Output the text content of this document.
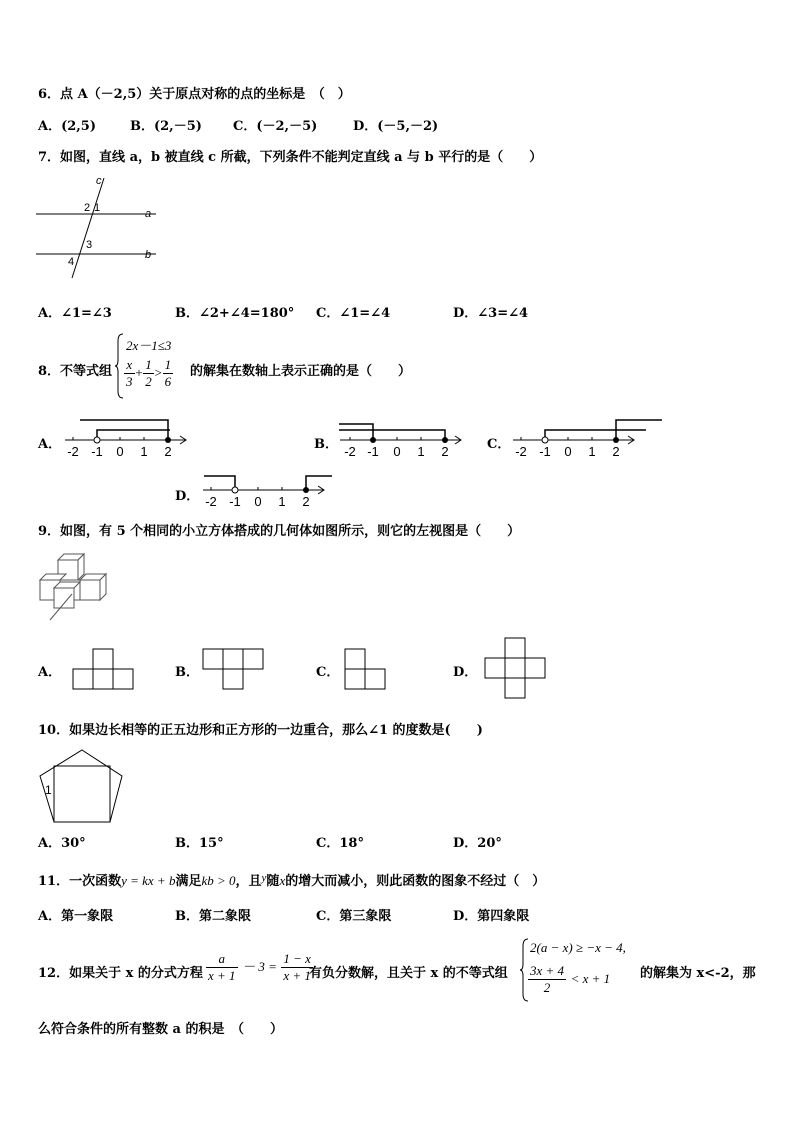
6．点 A（－2,5）关于原点对称的点的坐标是　（　）
A．(2,5)	B．(2,－5) C．(－2,－5)	D．(－5,－2)
7．如图，直线 a，b 被直线 c 所截，下列条件不能判定直线 a 与 b 平行的是（　　）
c
2 1	a
3
4
b
A．∠1=∠3	B．∠2+∠4=180° C．∠1=∠4	D．∠3=∠4
8．不等式组
2x－1≤3
$\frac{x}{3} + \frac{1}{2} > \frac{1}{6}$ 的解集在数轴上表示正确的是（　　）
A． -2 -1 0 1 2	B． -2 -1 0 1 2	C． -2 -1 0 1 2
D． -2 -1 0 1 2
9．如图，有 5 个相同的小立方体搭成的几何体如图所示，则它的左视图是（　　）
A．	B．	C．	D．
10．如果边长相等的正五边形和正方形的一边重合，那么∠1 的度数是(　　)
1
A．30°	B．15°	C．18°	D．20°
11．一次函数y = kx + b满足kb > 0，且$^y$随x的增大而减小，则此函数的图象不经过（　）
A．第一象限	B．第二象限	C．第三象限	D．第四象限
12．如果关于 x 的分式方程 $\frac{a}{x + 1} - 3 = \frac{1 - x}{x + 1}$
有负分数解，且关于 x 的不等式组
2(a − x) ≥ −x − 4,
$\frac{3x + 4}{2} < x + 1$ 的解集为 x<-2，那
么符合条件的所有整数 a 的积是　（　　）
